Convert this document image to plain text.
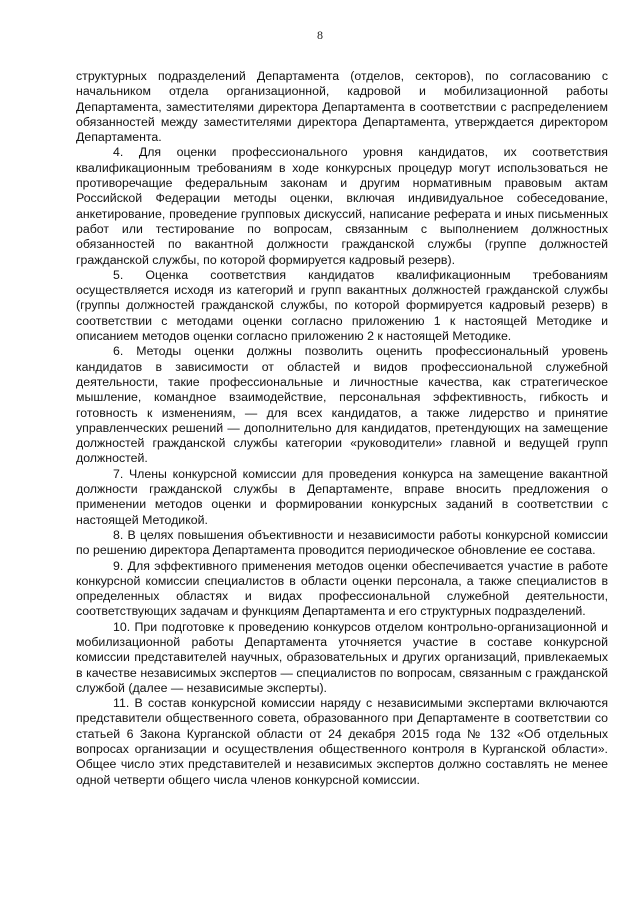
8

структурных подразделений Департамента (отделов, секторов), по согласованию с начальником отдела организационной, кадровой и мобилизационной работы Департамента, заместителями директора Департамента в соответствии с распределением обязанностей между заместителями директора Департамента, утверждается директором Департамента.

4. Для оценки профессионального уровня кандидатов, их соответствия квалификационным требованиям в ходе конкурсных процедур могут использоваться не противоречащие федеральным законам и другим нормативным правовым актам Российской Федерации методы оценки, включая индивидуальное собеседование, анкетирование, проведение групповых дискуссий, написание реферата и иных письменных работ или тестирование по вопросам, связанным с выполнением должностных обязанностей по вакантной должности гражданской службы (группе должностей гражданской службы, по которой формируется кадровый резерв).

5. Оценка соответствия кандидатов квалификационным требованиям осуществляется исходя из категорий и групп вакантных должностей гражданской службы (группы должностей гражданской службы, по которой формируется кадровый резерв) в соответствии с методами оценки согласно приложению 1 к настоящей Методике и описанием методов оценки согласно приложению 2 к настоящей Методике.

6. Методы оценки должны позволить оценить профессиональный уровень кандидатов в зависимости от областей и видов профессиональной служебной деятельности, такие профессиональные и личностные качества, как стратегическое мышление, командное взаимодействие, персональная эффективность, гибкость и готовность к изменениям, — для всех кандидатов, а также лидерство и принятие управленческих решений — дополнительно для кандидатов, претендующих на замещение должностей гражданской службы категории «руководители» главной и ведущей групп должностей.

7. Члены конкурсной комиссии для проведения конкурса на замещение вакантной должности гражданской службы в Департаменте, вправе вносить предложения о применении методов оценки и формировании конкурсных заданий в соответствии с настоящей Методикой.

8. В целях повышения объективности и независимости работы конкурсной комиссии по решению директора Департамента проводится периодическое обновление ее состава.

9. Для эффективного применения методов оценки обеспечивается участие в работе конкурсной комиссии специалистов в области оценки персонала, а также специалистов в определенных областях и видах профессиональной служебной деятельности, соответствующих задачам и функциям Департамента и его структурных подразделений.

10. При подготовке к проведению конкурсов отделом контрольно-организационной и мобилизационной работы Департамента уточняется участие в составе конкурсной комиссии представителей научных, образовательных и других организаций, привлекаемых в качестве независимых экспертов — специалистов по вопросам, связанным с гражданской службой (далее — независимые эксперты).

11. В состав конкурсной комиссии наряду с независимыми экспертами включаются представители общественного совета, образованного при Департаменте в соответствии со статьей 6 Закона Курганской области от 24 декабря 2015 года № 132 «Об отдельных вопросах организации и осуществления общественного контроля в Курганской области». Общее число этих представителей и независимых экспертов должно составлять не менее одной четверти общего числа членов конкурсной комиссии.
